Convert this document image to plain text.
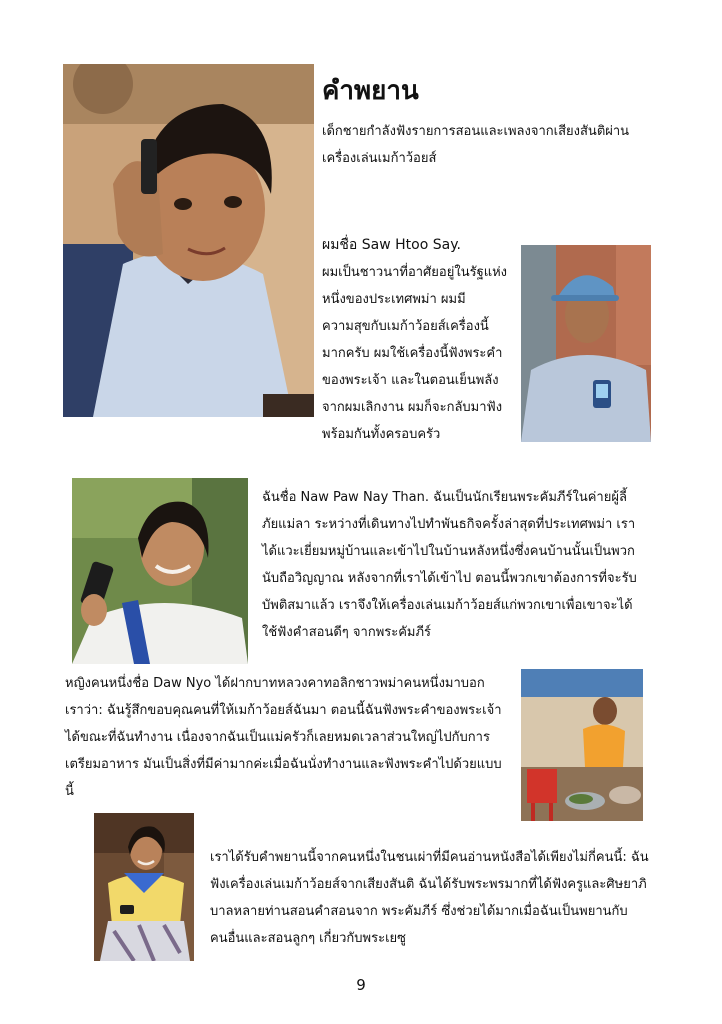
คำพยาน
เด็กชายกำลังฟังรายการสอนและเพลงจากเสียงสันติผ่าน
เครื่องเล่นเมก้าว้อยส์
ผมชื่อ Saw Htoo Say.
ผมเป็นชาวนาที่อาศัยอยู่ในรัฐแห่ง
หนึ่งของประเทศพม่า ผมมี
ความสุขกับเมก้าว้อยส์เครื่องนี้
มากครับ ผมใช้เครื่องนี้ฟังพระคำ
ของพระเจ้า และในตอนเย็นพลัง
จากผมเลิกงาน ผมก็จะกลับมาฟัง
พร้อมกันทั้งครอบครัว
ฉันชื่อ Naw Paw Nay Than. ฉันเป็นนักเรียนพระคัมภีร์ในค่ายผู้ลี้
ภัยแม่ลา ระหว่างที่เดินทางไปทำพันธกิจครั้งล่าสุดที่ประเทศพม่า เรา
ได้แวะเยี่ยมหมู่บ้านและเข้าไปในบ้านหลังหนึ่งซึ่งคนบ้านนั้นเป็นพวก
นับถือวิญญาณ หลังจากที่เราได้เข้าไป ตอนนี้พวกเขาต้องการที่จะรับ
บัพติสมาแล้ว เราจึงให้เครื่องเล่นเมก้าว้อยส์แก่พวกเขาเพื่อเขาจะได้
ใช้ฟังคำสอนดีๆ จากพระคัมภีร์
หญิงคนหนึ่งชื่อ Daw Nyo ได้ฝากบาทหลวงคาทอลิกชาวพม่าคนหนึ่งมาบอก
เราว่า: ฉันรู้สึกขอบคุณคนที่ให้เมก้าว้อยส์ฉันมา ตอนนี้ฉันฟังพระคำของพระเจ้า
ได้ขณะที่ฉันทำงาน เนื่องจากฉันเป็นแม่ครัวก็เลยหมดเวลาส่วนใหญ่ไปกับการ
เตรียมอาหาร มันเป็นสิ่งที่มีค่ามากค่ะเมื่อฉันนั่งทำงานและฟังพระคำไปด้วยแบบ
นี้
เราได้รับคำพยานนี้จากคนหนึ่งในชนเผ่าที่มีคนอ่านหนังสือได้เพียงไม่กี่คนนี้: ฉัน
ฟังเครื่องเล่นเมก้าว้อยส์จากเสียงสันติ ฉันได้รับพระพรมากที่ได้ฟังครูและศิษยาภิ
บาลหลายท่านสอนคำสอนจาก พระคัมภีร์ ซึ่งช่วยได้มากเมื่อฉันเป็นพยานกับ
คนอื่นและสอนลูกๆ เกี่ยวกับพระเยซู
9
